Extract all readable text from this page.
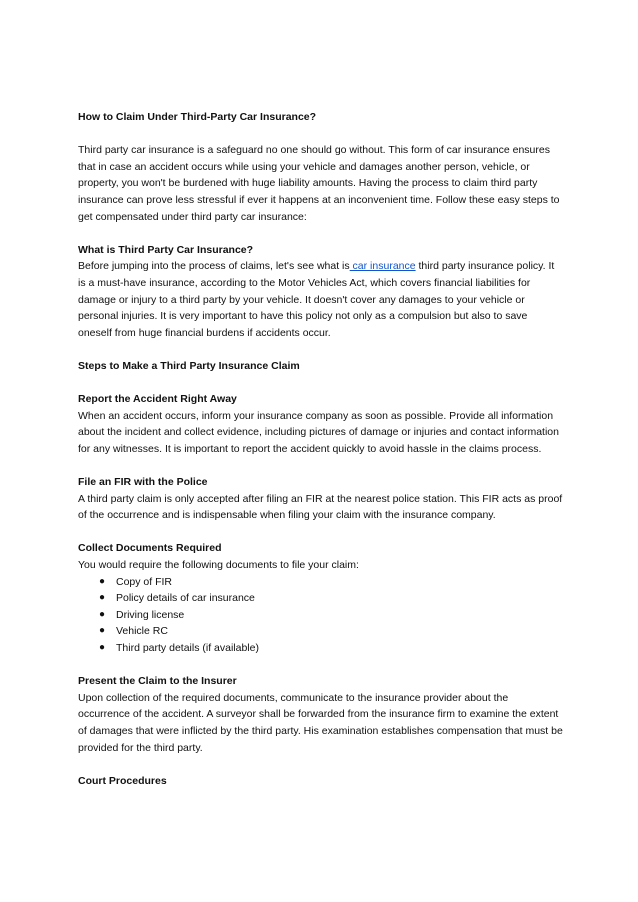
How to Claim Under Third-Party Car Insurance?

Third party car insurance is a safeguard no one should go without. This form of car insurance ensures that in case an accident occurs while using your vehicle and damages another person, vehicle, or property, you won't be burdened with huge liability amounts. Having the process to claim third party insurance can prove less stressful if ever it happens at an inconvenient time. Follow these easy steps to get compensated under third party car insurance:

What is Third Party Car Insurance?

Before jumping into the process of claims, let's see what is car insurance third party insurance policy. It is a must-have insurance, according to the Motor Vehicles Act, which covers financial liabilities for damage or injury to a third party by your vehicle. It doesn't cover any damages to your vehicle or personal injuries. It is very important to have this policy not only as a compulsion but also to save oneself from huge financial burdens if accidents occur.

Steps to Make a Third Party Insurance Claim

Report the Accident Right Away

When an accident occurs, inform your insurance company as soon as possible. Provide all information about the incident and collect evidence, including pictures of damage or injuries and contact information for any witnesses. It is important to report the accident quickly to avoid hassle in the claims process.

File an FIR with the Police

A third party claim is only accepted after filing an FIR at the nearest police station. This FIR acts as proof of the occurrence and is indispensable when filing your claim with the insurance company.

Collect Documents Required

You would require the following documents to file your claim:

● Copy of FIR
● Policy details of car insurance
● Driving license
● Vehicle RC
● Third party details (if available)

Present the Claim to the Insurer

Upon collection of the required documents, communicate to the insurance provider about the occurrence of the accident. A surveyor shall be forwarded from the insurance firm to examine the extent of damages that were inflicted by the third party. His examination establishes compensation that must be provided for the third party.

Court Procedures
